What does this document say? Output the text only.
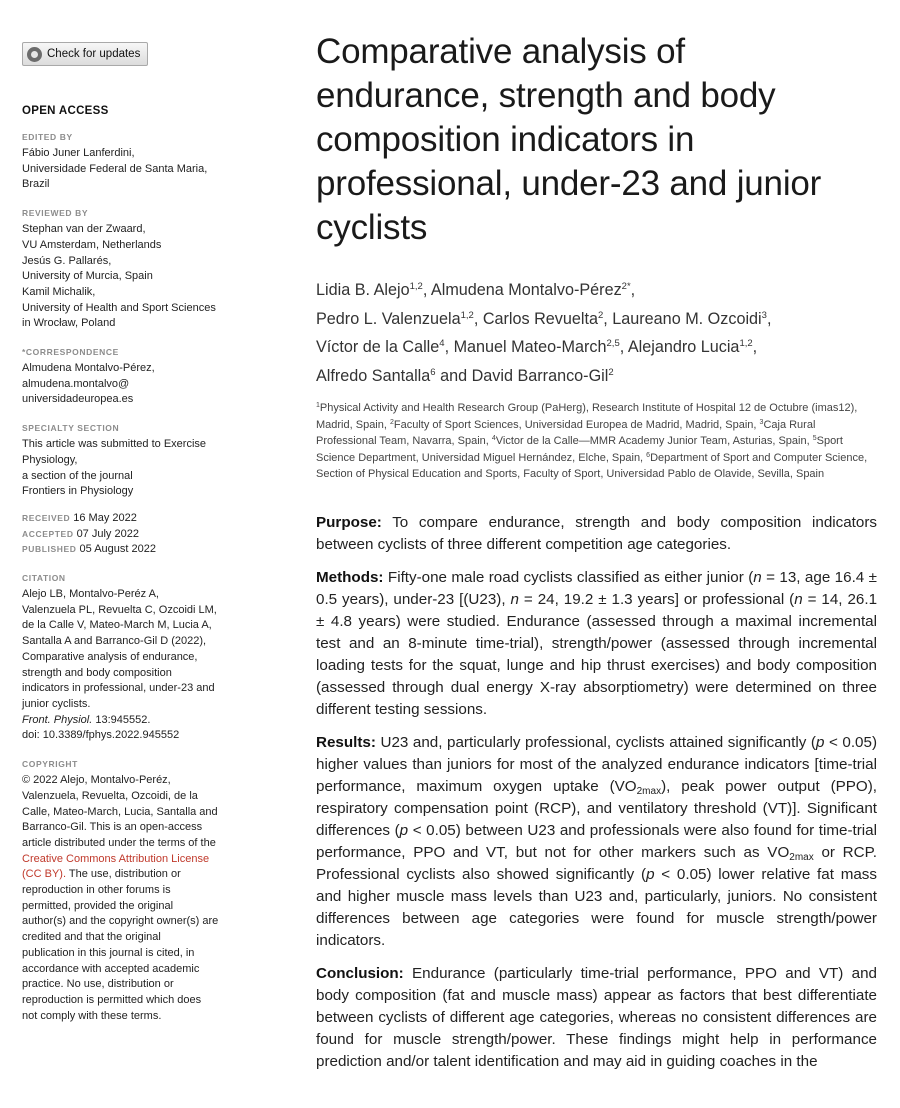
Check for updates
OPEN ACCESS
EDITED BY
Fábio Juner Lanferdini,
Universidade Federal de Santa Maria,
Brazil
REVIEWED BY
Stephan van der Zwaard,
VU Amsterdam, Netherlands
Jesús G. Pallarés,
University of Murcia, Spain
Kamil Michalik,
University of Health and Sport Sciences
in Wrocław, Poland
*CORRESPONDENCE
Almudena Montalvo-Pérez,
almudena.montalvo@
universidadeuropea.es
SPECIALTY SECTION
This article was submitted to Exercise
Physiology,
a section of the journal
Frontiers in Physiology
RECEIVED 16 May 2022
ACCEPTED 07 July 2022
PUBLISHED 05 August 2022
CITATION
Alejo LB, Montalvo-Peréz A,
Valenzuela PL, Revuelta C, Ozcoidi LM,
de la Calle V, Mateo-March M, Lucia A,
Santalla A and Barranco-Gil D (2022),
Comparative analysis of endurance,
strength and body composition
indicators in professional, under-23 and
junior cyclists.
Front. Physiol. 13:945552.
doi: 10.3389/fphys.2022.945552
COPYRIGHT
© 2022 Alejo, Montalvo-Peréz,
Valenzuela, Revuelta, Ozcoidi, de la
Calle, Mateo-March, Lucia, Santalla and
Barranco-Gil. This is an open-access
article distributed under the terms of the
Creative Commons Attribution License
(CC BY). The use, distribution or
reproduction in other forums is
permitted, provided the original
author(s) and the copyright owner(s) are
credited and that the original
publication in this journal is cited, in
accordance with accepted academic
practice. No use, distribution or
reproduction is permitted which does
not comply with these terms.
Comparative analysis of
endurance, strength and body
composition indicators in
professional, under-23 and junior
cyclists
Lidia B. Alejo$^{1,2}$, Almudena Montalvo-Pérez$^{2*}$,
Pedro L. Valenzuela$^{1,2}$, Carlos Revuelta$^2$, Laureano M. Ozcoidi$^3$,
Víctor de la Calle$^4$, Manuel Mateo-March$^{2,5}$, Alejandro Lucia$^{1,2}$,
Alfredo Santalla$^6$ and David Barranco-Gil$^2$
$^1$Physical Activity and Health Research Group (PaHerg), Research Institute of Hospital 12 de Octubre (imas12), Madrid, Spain, $^2$Faculty of Sport Sciences, Universidad Europea de Madrid, Madrid, Spain, $^3$Caja Rural Professional Team, Navarra, Spain, $^4$Victor de la Calle—MMR Academy Junior Team, Asturias, Spain, $^5$Sport Science Department, Universidad Miguel Hernández, Elche, Spain, $^6$Department of Sport and Computer Science, Section of Physical Education and Sports, Faculty of Sport, Universidad Pablo de Olavide, Sevilla, Spain

Purpose: To compare endurance, strength and body composition indicators between cyclists of three different competition age categories.

Methods: Fifty-one male road cyclists classified as either junior (n = 13, age 16.4 ± 0.5 years), under-23 [(U23), n = 24, 19.2 ± 1.3 years] or professional (n = 14, 26.1 ± 4.8 years) were studied. Endurance (assessed through a maximal incremental test and an 8-minute time-trial), strength/power (assessed through incremental loading tests for the squat, lunge and hip thrust exercises) and body composition (assessed through dual energy X-ray absorptiometry) were determined on three different testing sessions.

Results: U23 and, particularly professional, cyclists attained significantly (p < 0.05) higher values than juniors for most of the analyzed endurance indicators [time-trial performance, maximum oxygen uptake $(VO_{2max})$, peak power output (PPO), respiratory compensation point (RCP), and ventilatory threshold (VT)]. Significant differences (p < 0.05) between U23 and professionals were also found for time-trial performance, PPO and VT, but not for other markers such as $VO_{2max}$ or RCP. Professional cyclists also showed significantly (p < 0.05) lower relative fat mass and higher muscle mass levels than U23 and, particularly, juniors. No consistent differences between age categories were found for muscle strength/power indicators.

Conclusion: Endurance (particularly time-trial performance, PPO and VT) and body composition (fat and muscle mass) appear as factors that best differentiate between cyclists of different age categories, whereas no consistent differences are found for muscle strength/power. These findings might help in performance prediction and/or talent identification and may aid in guiding coaches in the
